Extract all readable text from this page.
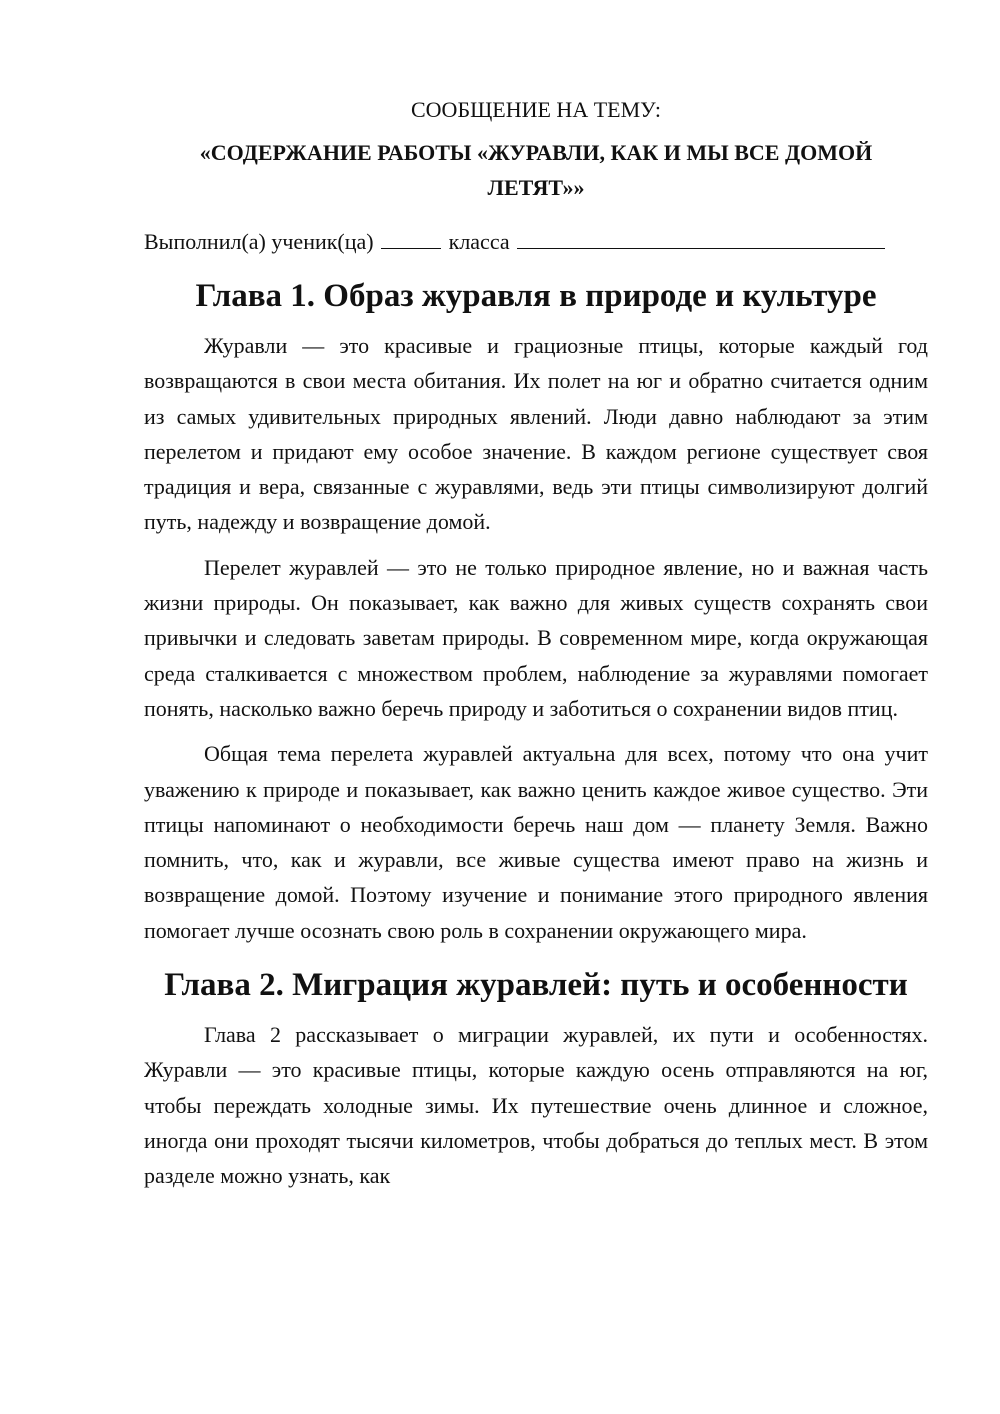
СООБЩЕНИЕ НА ТЕМУ:
«СОДЕРЖАНИЕ РАБОТЫ «ЖУРАВЛИ, КАК И МЫ ВСЕ ДОМОЙ ЛЕТЯТ»»
Выполнил(а) ученик(ца)	класса
Глава 1. Образ журавля в природе и культуре

Журавли — это красивые и грациозные птицы, которые каждый год возвращаются в свои места обитания. Их полет на юг и обратно считается одним из самых удивительных природных явлений. Люди давно наблюдают за этим перелетом и придают ему особое значение. В каждом регионе существует своя традиция и вера, связанные с журавлями, ведь эти птицы символизируют долгий путь, надежду и возвращение домой.

Перелет журавлей — это не только природное явление, но и важная часть жизни природы. Он показывает, как важно для живых существ сохранять свои привычки и следовать заветам природы. В современном мире, когда окружающая среда сталкивается с множеством проблем, наблюдение за журавлями помогает понять, насколько важно беречь природу и заботиться о сохранении видов птиц.

Общая тема перелета журавлей актуальна для всех, потому что она учит уважению к природе и показывает, как важно ценить каждое живое существо. Эти птицы напоминают о необходимости беречь наш дом — планету Земля. Важно помнить, что, как и журавли, все живые существа имеют право на жизнь и возвращение домой. Поэтому изучение и понимание этого природного явления помогает лучше осознать свою роль в сохранении окружающего мира.

Глава 2. Миграция журавлей: путь и особенности

Глава 2 рассказывает о миграции журавлей, их пути и особенностях. Журавли — это красивые птицы, которые каждую осень отправляются на юг, чтобы переждать холодные зимы. Их путешествие очень длинное и сложное, иногда они проходят тысячи километров, чтобы добраться до теплых мест. В этом разделе можно узнать, как
